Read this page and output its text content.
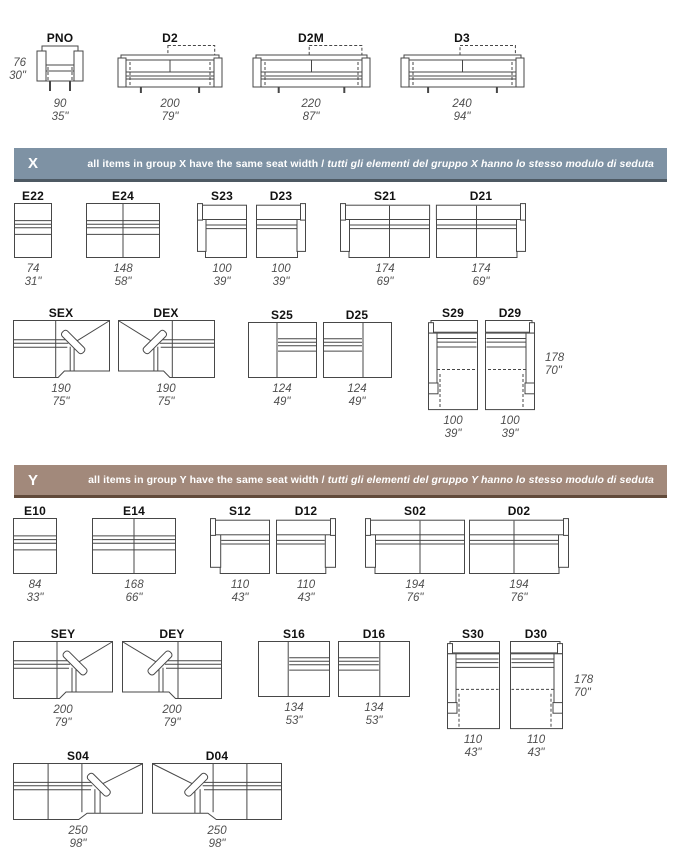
76
30"
X	all items in group X have the same seat width / tutti gli elementi del gruppo X hanno lo stesso modulo di seduta
178
70"
Y	all items in group Y have the same seat width / tutti gli elementi del gruppo Y hanno lo stesso modulo di seduta
178
70"
PNO
90
35"
D2
200
79"
D2M
220
87"
D3
240
94"
E22
74
31"
E24
148
58"
S23
100
39"
D23
100
39"
S21
174
69"
D21
174
69"
SEX
190
75"
DEX
190
75"
S25
124
49"
D25
124
49"
S29
100
39"
D29
100
39"
E10
84
33"
E14
168
66"
S12
110
43"
D12
110
43"
S02
194
76"
D02
194
76"
SEY
200
79"
DEY
200
79"
S16
134
53"
D16
134
53"
S30
110
43"
D30
110
43"
S04
250
98"
D04
250
98"
